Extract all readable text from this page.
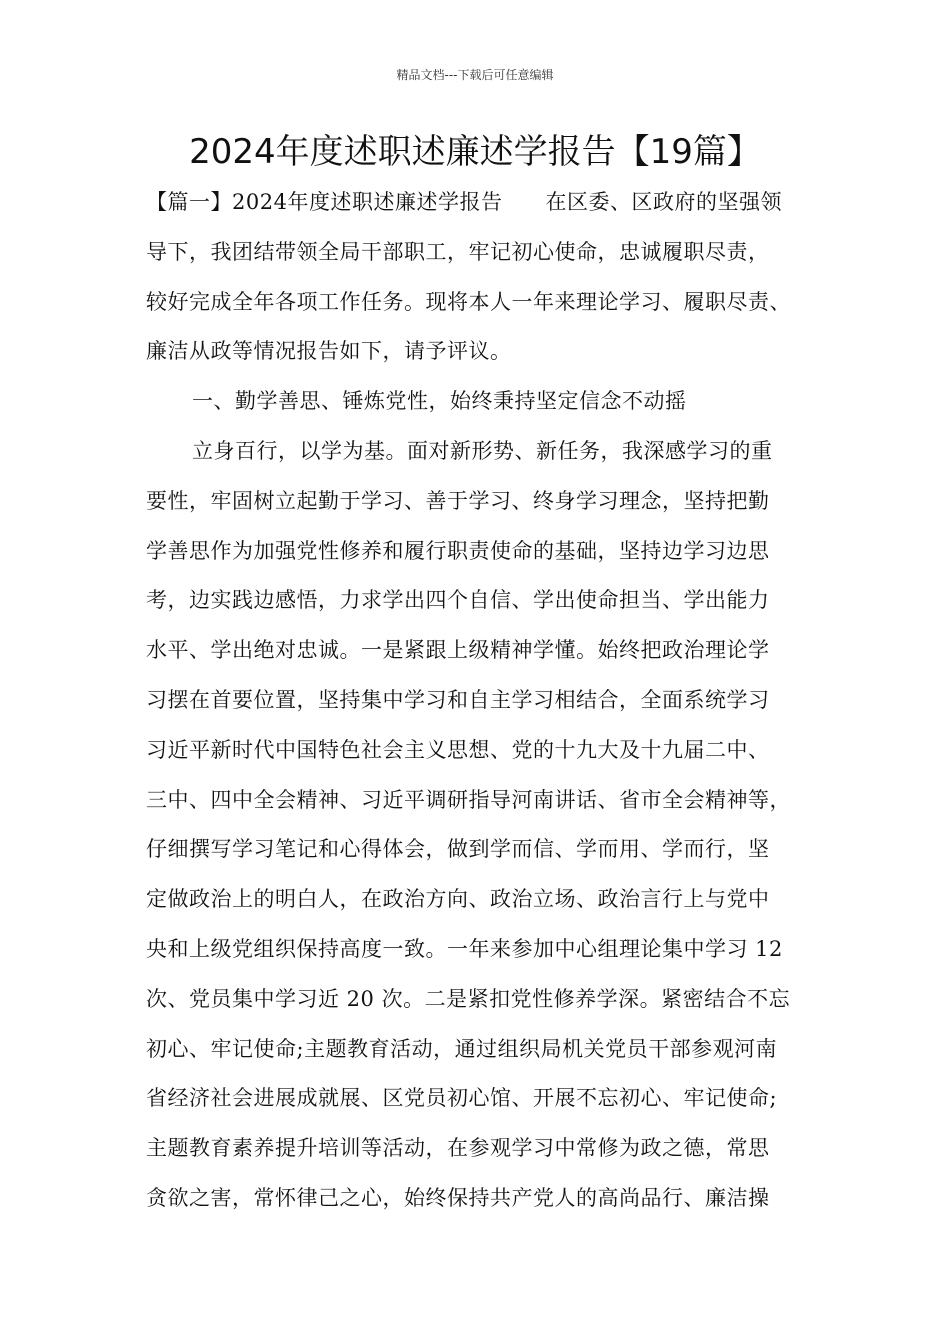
精品文档---下载后可任意编辑
2024年度述职述廉述学报告【19篇】
【篇一】2024年度述职述廉述学报告　　在区委、区政府的坚强领
导下，我团结带领全局干部职工，牢记初心使命，忠诚履职尽责，
较好完成全年各项工作任务。现将本人一年来理论学习、履职尽责、
廉洁从政等情况报告如下，请予评议。
一、勤学善思、锤炼党性，始终秉持坚定信念不动摇
立身百行，以学为基。面对新形势、新任务，我深感学习的重
要性，牢固树立起勤于学习、善于学习、终身学习理念，坚持把勤
学善思作为加强党性修养和履行职责使命的基础，坚持边学习边思
考，边实践边感悟，力求学出四个自信、学出使命担当、学出能力
水平、学出绝对忠诚。一是紧跟上级精神学懂。始终把政治理论学
习摆在首要位置，坚持集中学习和自主学习相结合，全面系统学习
习近平新时代中国特色社会主义思想、党的十九大及十九届二中、
三中、四中全会精神、习近平调研指导河南讲话、省市全会精神等，
仔细撰写学习笔记和心得体会，做到学而信、学而用、学而行，坚
定做政治上的明白人，在政治方向、政治立场、政治言行上与党中
央和上级党组织保持高度一致。一年来参加中心组理论集中学习 12
次、党员集中学习近 20 次。二是紧扣党性修养学深。紧密结合不忘
初心、牢记使命;主题教育活动，通过组织局机关党员干部参观河南
省经济社会进展成就展、区党员初心馆、开展不忘初心、牢记使命;
主题教育素养提升培训等活动，在参观学习中常修为政之德，常思
贪欲之害，常怀律己之心，始终保持共产党人的高尚品行、廉洁操
